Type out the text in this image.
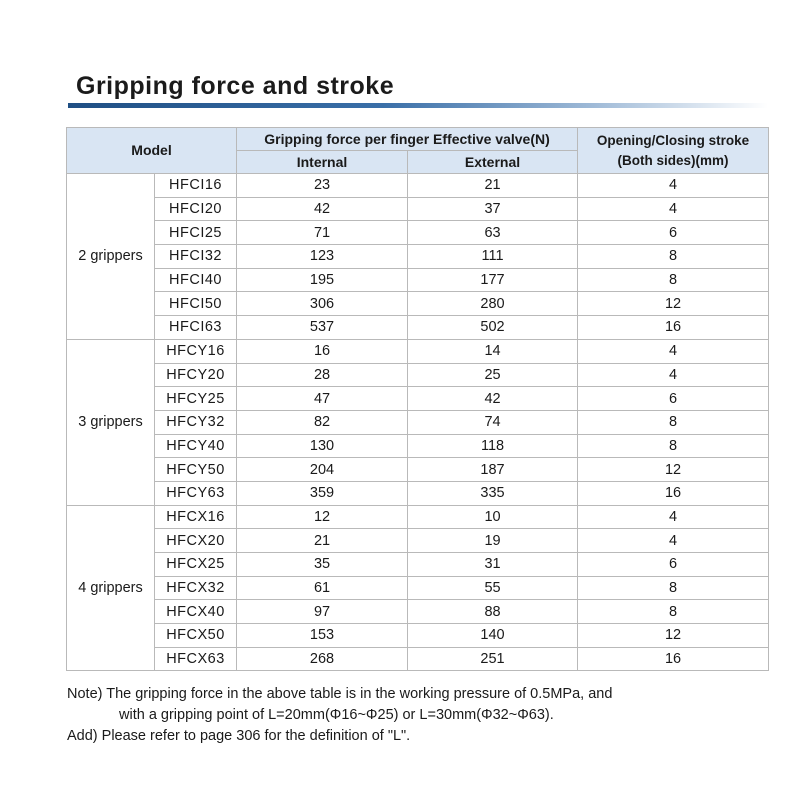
Gripping force and stroke
Model		Gripping force per finger Effective valve(N)		Opening/Closing stroke
(Both sides)(mm)

		Internal	External	
2 grippers	HFCI16	23	21	4
	HFCI20	42	37	4
	HFCI25	71	63	6
	HFCI32	123	111	8
	HFCI40	195	177	8
	HFCI50	306	280	12
	HFCI63	537	502	16
3 grippers	HFCY16	16	14	4
	HFCY20	28	25	4
	HFCY25	47	42	6
	HFCY32	82	74	8
	HFCY40	130	118	8
	HFCY50	204	187	12
	HFCY63	359	335	16
4 grippers	HFCX16	12	10	4
	HFCX20	21	19	4
	HFCX25	35	31	6
	HFCX32	61	55	8
	HFCX40	97	88	8
	HFCX50	153	140	12
	HFCX63	268	251	16
Note) The gripping force in the above table is in the working pressure of 0.5MPa, and
with a gripping point of L=20mm(Φ16~Φ25) or L=30mm(Φ32~Φ63).
Add) Please refer to page 306 for the definition of "L".
